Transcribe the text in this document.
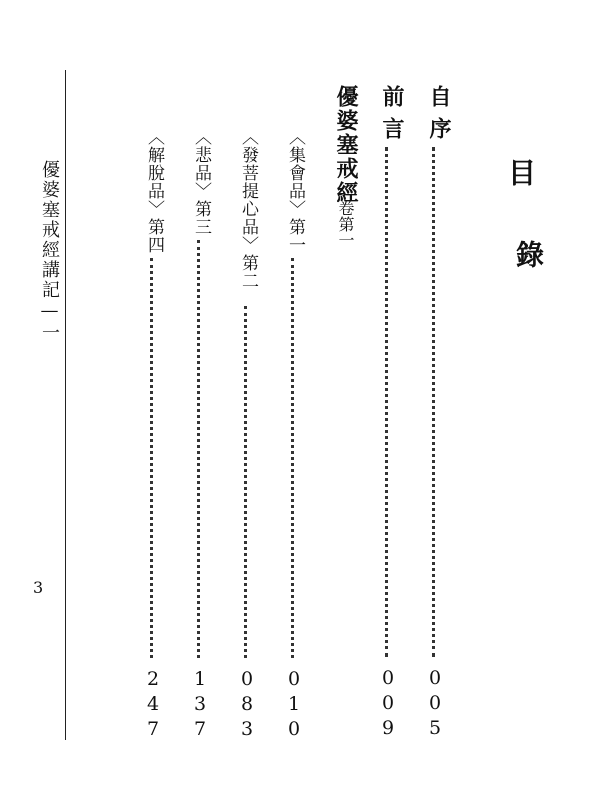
優婆塞戒經講記—一
3
目
錄
優婆塞戒經
卷第一
自序
005
前言
009
〈集會品〉第一
010
〈發菩提心品〉第二
083
〈悲品〉第三
137
〈解脫品〉第四
247
